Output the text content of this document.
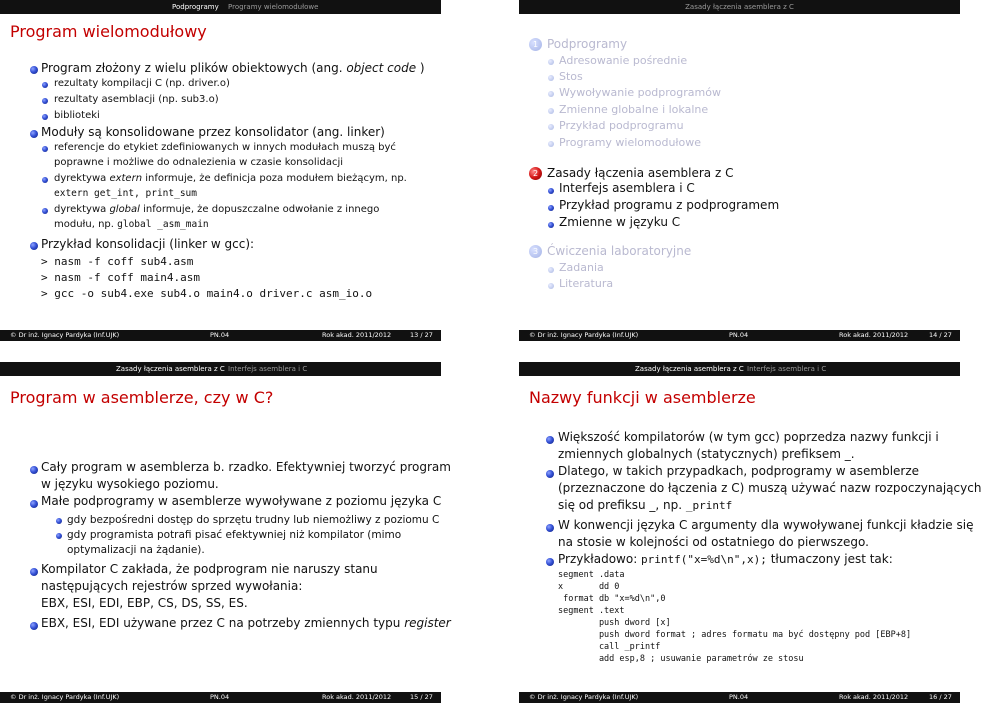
Podprogramy Programy wielomodułowe
Program wielomodułowy
Program złożony z wielu plików obiektowych (ang. object code )
rezultaty kompilacji C (np. driver.o)
rezultaty asemblacji (np. sub3.o)
biblioteki
Moduły są konsolidowane przez konsolidator (ang. linker)
referencje do etykiet zdefiniowanych w innych modułach muszą być
poprawne i możliwe do odnalezienia w czasie konsolidacji
dyrektywa extern informuje, że definicja poza modułem bieżącym, np.
extern get_int, print_sum
dyrektywa global informuje, że dopuszczalne odwołanie z innego
modułu, np. global _asm_main
Przykład konsolidacji (linker w gcc):
> nasm -f coff sub4.asm
> nasm -f coff main4.asm
> gcc -o sub4.exe sub4.o main4.o driver.c asm_io.o
© Dr inż. Ignacy Pardyka (Inf.UJK)	PN.04	Rok akad. 2011/2012	13 / 27
Zasady łączenia asemblera z C
1 Podprogramy
Adresowanie pośrednie
Stos
Wywoływanie podprogramów
Zmienne globalne i lokalne
Przykład podprogramu
Programy wielomodułowe
2 Zasady łączenia asemblera z C
Interfejs asemblera i C
Przykład programu z podprogramem
Zmienne w języku C
3 Ćwiczenia laboratoryjne
Zadania
Literatura
© Dr inż. Ignacy Pardyka (Inf.UJK)	PN.04	Rok akad. 2011/2012	14 / 27
Zasady łączenia asemblera z C Interfejs asemblera i C
Program w asemblerze, czy w C?
Cały program w asemblerza b. rzadko. Efektywniej tworzyć program
w języku wysokiego poziomu.
Małe podprogramy w asemblerze wywoływane z poziomu języka C
gdy bezpośredni dostęp do sprzętu trudny lub niemożliwy z poziomu C
gdy programista potrafi pisać efektywniej niż kompilator (mimo
optymalizacji na żądanie).
Kompilator C zakłada, że podprogram nie naruszy stanu
następujących rejestrów sprzed wywołania:
EBX, ESI, EDI, EBP, CS, DS, SS, ES.
EBX, ESI, EDI używane przez C na potrzeby zmiennych typu register
© Dr inż. Ignacy Pardyka (Inf.UJK)	PN.04	Rok akad. 2011/2012	15 / 27
Zasady łączenia asemblera z C Interfejs asemblera i C
Nazwy funkcji w asemblerze
Większość kompilatorów (w tym gcc) poprzedza nazwy funkcji i
zmiennych globalnych (statycznych) prefiksem _.
Dlatego, w takich przypadkach, podprogramy w asemblerze
(przeznaczone do łączenia z C) muszą używać nazw rozpoczynających
się od prefiksu _, np. _printf
W konwencji języka C argumenty dla wywoływanej funkcji kładzie się
na stosie w kolejności od ostatniego do pierwszego.
Przykładowo: printf("x=%d\n",x); tłumaczony jest tak:
segment .data
x       dd 0
format db "x=%d\n",0
segment .text
push dword [x]
push dword format ; adres formatu ma być dostępny pod [EBP+8]
call _printf
add esp,8 ; usuwanie parametrów ze stosu
© Dr inż. Ignacy Pardyka (Inf.UJK)	PN.04	Rok akad. 2011/2012	16 / 27
